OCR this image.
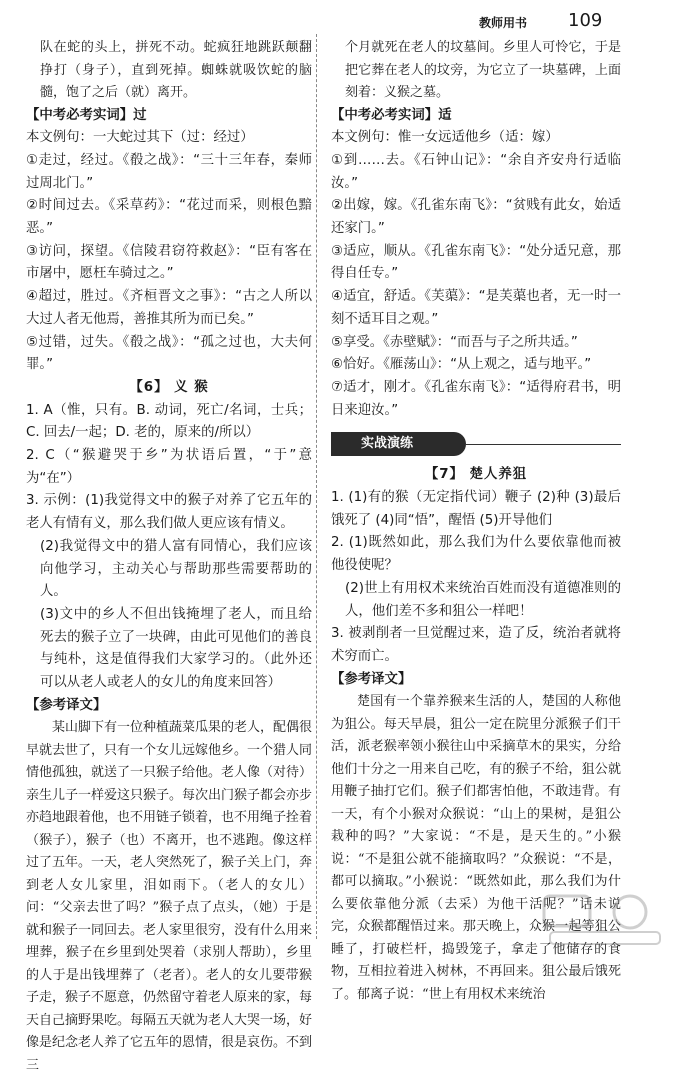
教师用书 109

队在蛇的头上，拼死不动。蛇疯狂地跳跃颠翻挣打（身子），直到死掉。蜘蛛就吸饮蛇的脑髓，饱了之后（就）离开。

【中考必考实词】过

本文例句：一大蛇过其下（过：经过）

①走过，经过。《殽之战》：“三十三年春，秦师过周北门。”

②时间过去。《采草药》：“花过而采，则根色黯恶。”

③访问，探望。《信陵君窃符救赵》：“臣有客在市屠中，愿枉车骑过之。”

④超过，胜过。《齐桓晋文之事》：“古之人所以大过人者无他焉，善推其所为而已矣。”

⑤过错，过失。《殽之战》：“孤之过也，大夫何罪。”

【6】 义 猴

1. A（惟，只有。B. 动词，死亡/名词，士兵；C. 回去/一起；D. 老的，原来的/所以）

2. C（“猴避哭于乡”为状语后置，“于”意为“在”）

3. 示例：(1)我觉得文中的猴子对养了它五年的老人有情有义，那么我们做人更应该有情义。

(2)我觉得文中的猎人富有同情心，我们应该向他学习，主动关心与帮助那些需要帮助的人。

(3)文中的乡人不但出钱掩埋了老人，而且给死去的猴子立了一块碑，由此可见他们的善良与纯朴，这是值得我们大家学习的。（此外还可以从老人或老人的女儿的角度来回答）

【参考译文】

某山脚下有一位种植蔬菜瓜果的老人，配偶很早就去世了，只有一个女儿远嫁他乡。一个猎人同情他孤独，就送了一只猴子给他。老人像（对待）亲生儿子一样爱这只猴子。每次出门猴子都会亦步亦趋地跟着他，也不用链子锁着，也不用绳子拴着（猴子），猴子（也）不离开，也不逃跑。像这样过了五年。一天，老人突然死了，猴子关上门，奔到老人女儿家里，泪如雨下。（老人的女儿）问：“父亲去世了吗？”猴子点了点头，（她）于是就和猴子一同回去。老人家里很穷，没有什么用来埋葬，猴子在乡里到处哭着（求别人帮助），乡里的人于是出钱埋葬了（老者）。老人的女儿要带猴子走，猴子不愿意，仍然留守着老人原来的家，每天自己摘野果吃。每隔五天就为老人大哭一场，好像是纪念老人养了它五年的恩情，很是哀伤。不到三

个月就死在老人的坟墓间。乡里人可怜它，于是把它葬在老人的坟旁，为它立了一块墓碑，上面刻着：义猴之墓。

【中考必考实词】适

本文例句：惟一女远适他乡（适：嫁）

①到……去。《石钟山记》：“余自齐安舟行适临汝。”

②出嫁，嫁。《孔雀东南飞》：“贫贱有此女，始适还家门。”

③适应，顺从。《孔雀东南飞》：“处分适兄意，那得自任专。”

④适宜，舒适。《芙蕖》：“是芙蕖也者，无一时一刻不适耳目之观。”

⑤享受。《赤壁赋》：“而吾与子之所共适。”

⑥恰好。《雁荡山》：“从上观之，适与地平。”

⑦适才，刚才。《孔雀东南飞》：“适得府君书，明日来迎汝。”

实战演练

【7】 楚人养狙

1. (1)有的猴（无定指代词）鞭子 (2)种 (3)最后饿死了 (4)同“悟”，醒悟 (5)开导他们

2. (1)既然如此，那么我们为什么要依靠他而被他役使呢？

(2)世上有用权术来统治百姓而没有道德准则的人，他们差不多和狙公一样吧！

3. 被剥削者一旦觉醒过来，造了反，统治者就将术穷而亡。

【参考译文】

楚国有一个靠养猴来生活的人，楚国的人称他为狙公。每天早晨，狙公一定在院里分派猴子们干活，派老猴率领小猴往山中采摘草木的果实，分给他们十分之一用来自己吃，有的猴子不给，狙公就用鞭子抽打它们。猴子们都害怕他，不敢违背。有一天，有个小猴对众猴说：“山上的果树，是狙公栽种的吗？”大家说：“不是，是天生的。”小猴说：“不是狙公就不能摘取吗？”众猴说：“不是，都可以摘取。”小猴说：“既然如此，那么我们为什么要依靠他分派（去采）为他干活呢？”话未说完，众猴都醒悟过来。那天晚上，众猴一起等狙公睡了，打破栏杆，捣毁笼子，拿走了他储存的食物，互相拉着进入树林，不再回来。狙公最后饿死了。郁离子说：“世上有用权术来统治
